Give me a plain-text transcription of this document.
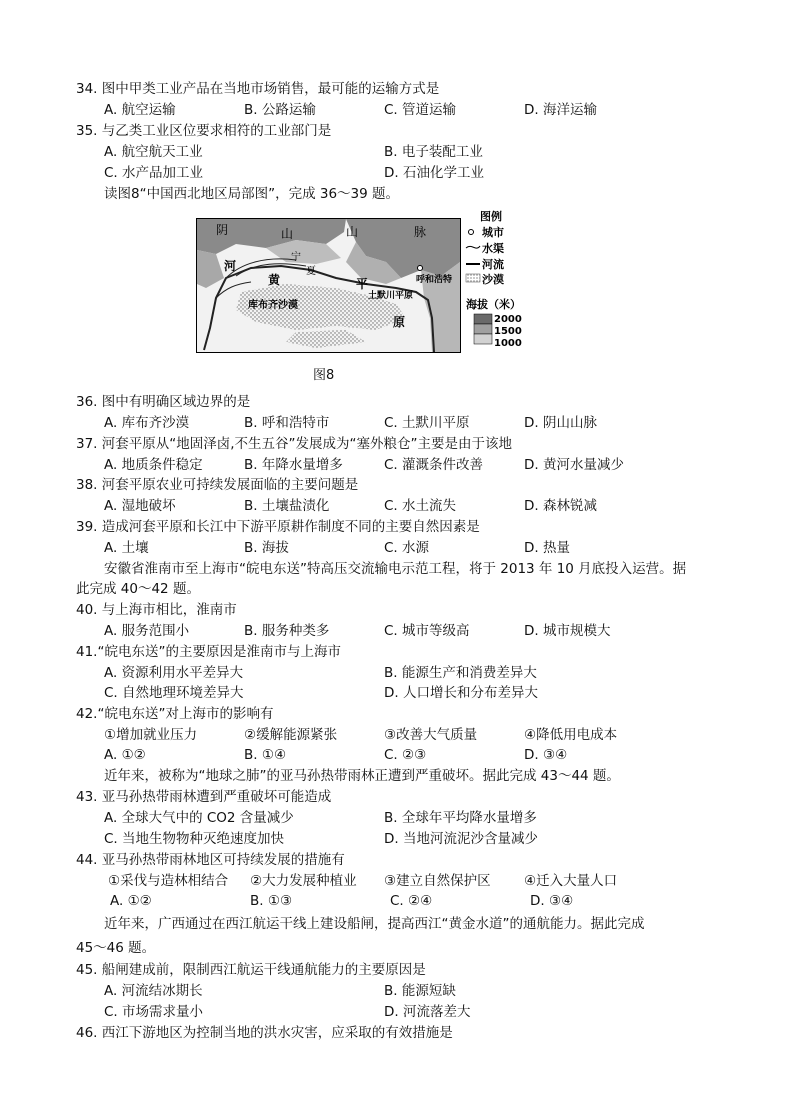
34. 图中甲类工业产品在当地市场销售，最可能的运输方式是
A. 航空运输	B. 公路运输	C. 管道运输	D. 海洋运输
35. 与乙类工业区位要求相符的工业部门是
A. 航空航天工业	B. 电子装配工业
C. 水产品加工业	D. 石油化学工业
读图8“中国西北地区局部图”，完成 36～39 题。
阴	山	山	脉
河
黄
宁
夏
平
原
库布齐沙漠
土默川平原
呼和浩特
图例
城市
水渠
河流
沙漠
海拔（米）
2000
1500
1000
图8
36. 图中有明确区域边界的是
A. 库布齐沙漠	B. 呼和浩特市	C. 土默川平原	D. 阴山山脉
37. 河套平原从“地固泽卤,不生五谷”发展成为“塞外粮仓”主要是由于该地
A. 地质条件稳定	B. 年降水量增多	C. 灌溉条件改善	D. 黄河水量减少
38. 河套平原农业可持续发展面临的主要问题是
A. 湿地破坏	B. 土壤盐渍化	C. 水土流失	D. 森林锐减
39. 造成河套平原和长江中下游平原耕作制度不同的主要自然因素是
A. 土壤	B. 海拔	C. 水源	D. 热量
安徽省淮南市至上海市“皖电东送”特高压交流输电示范工程，将于 2013 年 10 月底投入运营。据
此完成 40～42 题。
40. 与上海市相比，淮南市
A. 服务范围小	B. 服务种类多	C. 城市等级高	D. 城市规模大
41.“皖电东送”的主要原因是淮南市与上海市
A. 资源利用水平差异大	B. 能源生产和消费差异大
C. 自然地理环境差异大	D. 人口增长和分布差异大
42.“皖电东送”对上海市的影响有
①增加就业压力	②缓解能源紧张	③改善大气质量	④降低用电成本
A. ①②	B. ①④	C. ②③	D. ③④
近年来，被称为“地球之肺”的亚马孙热带雨林正遭到严重破坏。据此完成 43～44 题。
43. 亚马孙热带雨林遭到严重破坏可能造成
A. 全球大气中的 CO2 含量减少	B. 全球年平均降水量增多
C. 当地生物物种灭绝速度加快	D. 当地河流泥沙含量减少
44. 亚马孙热带雨林地区可持续发展的措施有
①采伐与造林相结合 ②大力发展种植业 ③建立自然保护区 ④迁入大量人口
A. ①②	B. ①③	C. ②④	D. ③④
近年来，广西通过在西江航运干线上建设船闸，提高西江“黄金水道”的通航能力。据此完成
45～46 题。
45. 船闸建成前，限制西江航运干线通航能力的主要原因是
A. 河流结冰期长	B. 能源短缺
C. 市场需求量小	D. 河流落差大
46. 西江下游地区为控制当地的洪水灾害，应采取的有效措施是
